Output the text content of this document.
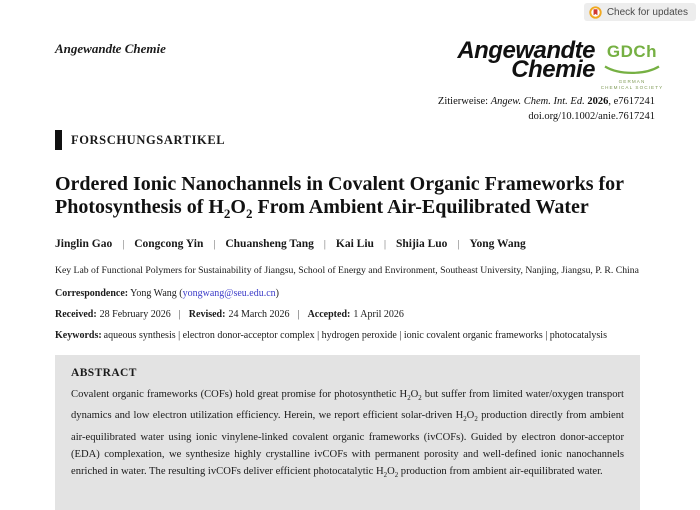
Check for updates
Angewandte Chemie	Angewandte
Chemie
GDCh
GERMAN
CHEMICAL SOCIETY
Zitierweise: Angew. Chem. Int. Ed. 2026, e7617241
doi.org/10.1002/anie.7617241
FORSCHUNGSARTIKEL
Ordered Ionic Nanochannels in Covalent Organic Frameworks for Photosynthesis of $H_2O_2$ From Ambient Air-Equilibrated Water
Jinglin Gao | Congcong Yin | Chuansheng Tang | Kai Liu | Shijia Luo | Yong Wang
Key Lab of Functional Polymers for Sustainability of Jiangsu, School of Energy and Environment, Southeast University, Nanjing, Jiangsu, P. R. China
Correspondence: Yong Wang (yongwang@seu.edu.cn)
Received: 28 February 2026 | Revised: 24 March 2026 | Accepted: 1 April 2026
Keywords: aqueous synthesis | electron donor-acceptor complex | hydrogen peroxide | ionic covalent organic frameworks | photocatalysis
ABSTRACT

Covalent organic frameworks (COFs) hold great promise for photosynthetic $H_2O_2$ but suffer from limited water/oxygen transport dynamics and low electron utilization efficiency. Herein, we report efficient solar-driven $H_2O_2$ production directly from ambient air-equilibrated water using ionic vinylene-linked covalent organic frameworks (ivCOFs). Guided by electron donor-acceptor (EDA) complexation, we synthesize highly crystalline ivCOFs with permanent porosity and well-defined ionic nanochannels enriched in water. The resulting ivCOFs deliver efficient photocatalytic $H_2O_2$ production from ambient air-equilibrated water.
